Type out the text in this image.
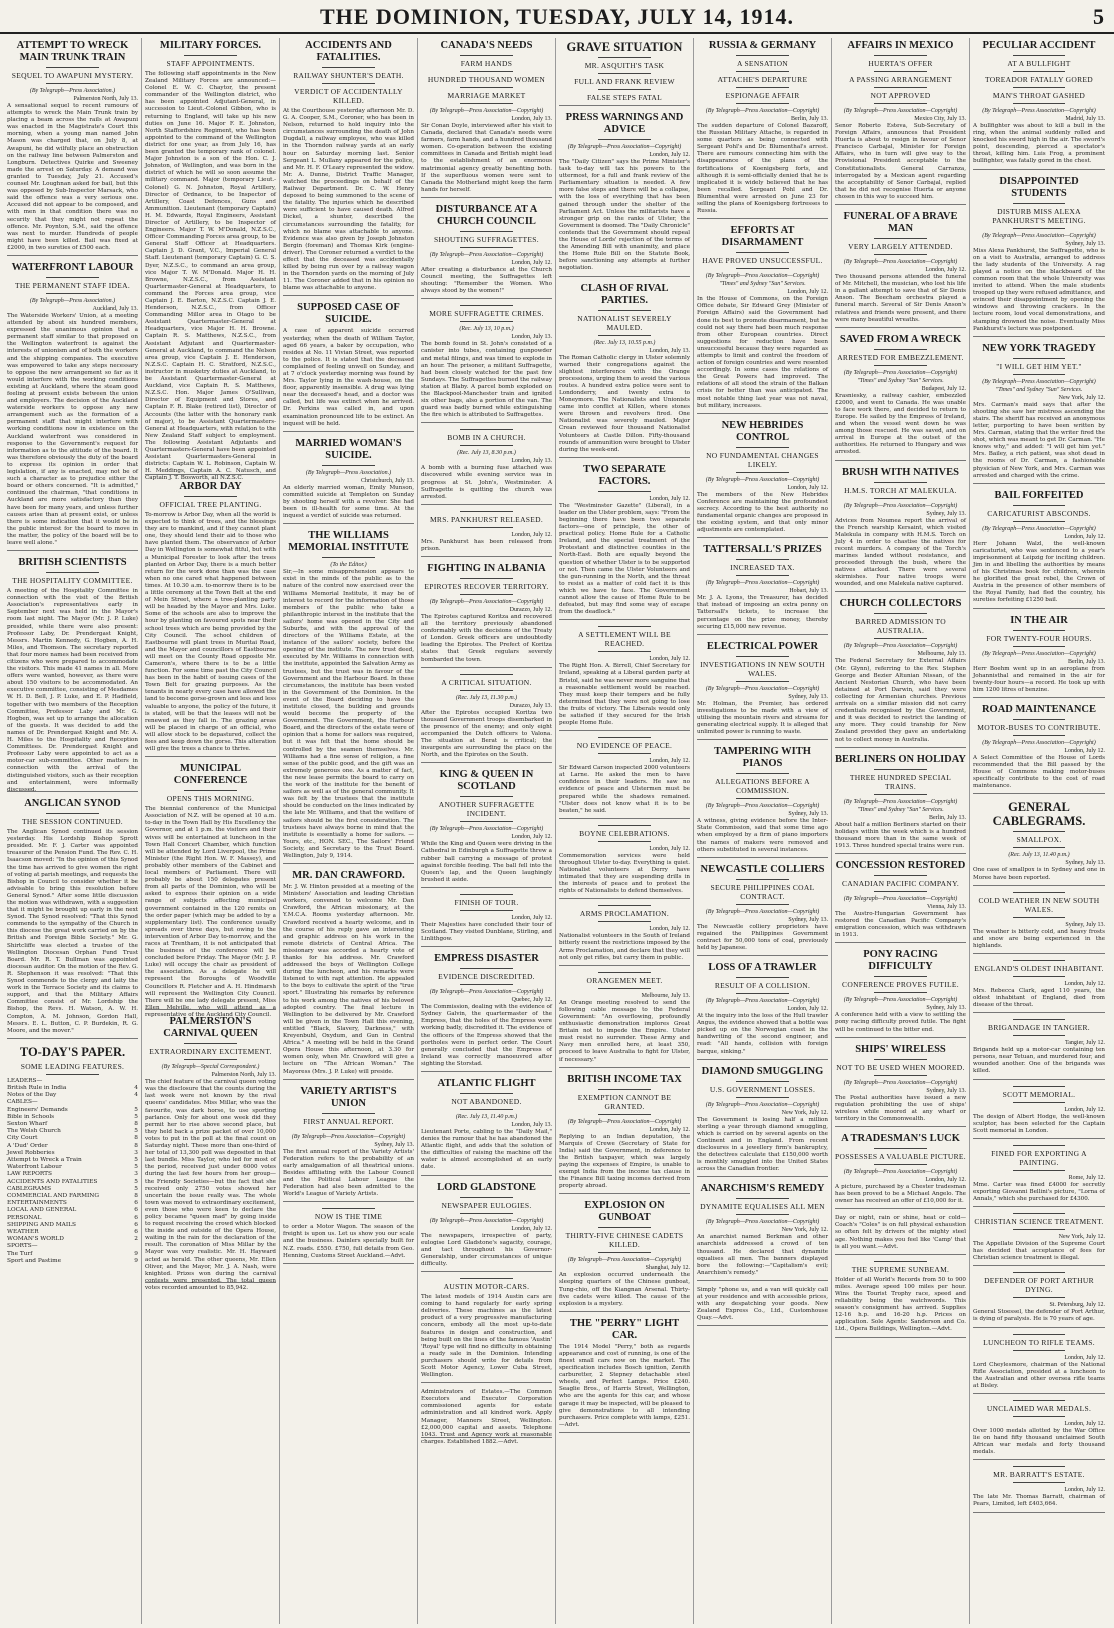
THE DOMINION, TUESDAY, JULY 14, 1914.	5
ATTEMPT TO WRECK MAIN TRUNK TRAIN
SEQUEL TO AWAPUNI MYSTERY.
(By Telegraph—Press Association.)
Palmerston North, July 13.

A sensational sequel to recent rumours of attempts to wreck the Main Trunk train by placing a beam across the rails at Awapuni was enacted in the Magistrate's Court this morning, when a young man named John Mason was charged that, on July 8, at Awapuni, he did wilfully place an obstruction on the railway line between Palmerston and Longburn. Detectives Quirke and Sweeney made the arrest on Saturday. A demand was granted to Tuesday, July 21. Accused's counsel Mr. Loughnan asked for bail, but this was opposed by Sub-Inspector Marsack, who said the offence was a very serious one. Accused did not appear to be composed, and with men in that condition there was no security that they might not repeat the offence. Mr. Poynton, S.M., said the offence was next to murder. Hundreds of people might have been killed. Bail was fixed at £2000, in two sureties of £500 each.

WATERFRONT LABOUR
THE PERMANENT STAFF IDEA.
(By Telegraph—Press Association.)
Auckland, July 13.

The Waterside Workers' Union, at a meeting attended by about six hundred members, expressed the unanimous opinion that a permanent staff similar to that proposed on the Wellington waterfront is against the interests of unionism and of both the workers and the shipping companies. The executive was empowered to take any steps necessary to oppose the new arrangement so far as it would interfere with the working conditions existing at Auckland, where the steam good feeling at present exists between the union and employers. The decision of the Auckland waterside workers to oppose any new arrangement such as the formation of a permanent staff that might interfere with working conditions now in existence on the Auckland waterfront was considered in response to the Government's request for information as to the attitude of the board. It was therefore obviously the duty of the board to express its opinion in order that legislation, if any is enacted, may not be of such a character as to prejudice either the board or others concerned. "It is admitted," continued the chairman, "that conditions in Auckland are more satisfactory than they have been for many years, and unless further causes arise than at present exist, or unless there is some indication that it would be in the public interest for the board to move in the matter, the policy of the board will be to leave well alone."

BRITISH SCIENTISTS
THE HOSPITALITY COMMITTEE.

A meeting of the Hospitality Committee in connection with the visit of the British Association's representatives early in September next was held in the Mayor's room last night. The Mayor (Mr. J. P. Luke) presided, while there were also present: Professor Laby, Dr. Prendergast Knight, Messrs. Martin Kennedy, G. Hogben, A. H. Miles, and Thomson. The secretary reported that four more names had been received from citizens who were prepared to accommodate the visitors. This made 41 names in all. More offers were wanted, however, as there were about 150 visitors to be accommodated. An executive committee, consisting of Mesdames W. H. D. Bell, J. P. Luke, and E. P. Hadfield, together with two members of the Reception Committee, Professor Laby and Mr. G. Hogben, was set up to arrange the allocation of the guests. It was decided to add the names of Dr. Prendergast Knight and Mr. A. H. Miles to the Hospitality and Reception Committees. Dr. Prendergast Knight and Professor Laby were appointed to act as a motor-car sub-committee. Other matters in connection with the arrival of the distinguished visitors, such as their reception and entertainment, were informally discussed.

ANGLICAN SYNOD
THE SESSION CONTINUED.

The Anglican Synod continued its session yesterday. His Lordship Bishop Sprott presided. Mr. F. J. Carter was appointed treasurer of the Pension Fund. The Rev. C. H. Isaacson moved: "In the opinion of this Synod the time has arrived to give women the right of voting at parish meetings, and requests the Bishop in Council to consider whether it be advisable to bring this resolution before General Synod." After some little discussion the motion was withdrawn, with a suggestion that it might be brought up early in the next Synod. The Synod resolved: "That this Synod commends to the sympathy of the Church in this diocese the great work carried on by the British and Foreign Bible Society." Mr. G. Shirtcliffe was elected a trustee of the Wellington Diocesan Orphan Fund Trust Board. Mr. R. T. Bullman was appointed diocesan auditor. On the motion of the Rev. G. R. Stephenson it was resolved: "That this Synod commends to the clergy and laity the work in the Terrace Society and its claims to support, and that the Military Affairs Committee consist of Mr. Lordship the Bishop, the Revs. H. Watson, A. W. H. Compton, A. M. Johnson, Gordon Hall, Messrs. E. L. Button, C. P. Burdekin, R. G. Moore, and the mover."

TO-DAY'S PAPER.
SOME LEADING FEATURES.
LEADERS—
British Rule in India	4
Notes of the Day	4
CABLES—
Engineers' Demands	5
Bible in Schools	5
Sexton Wharf	8
The Welsh Church	5
City Court	8
A 'Dud' Order	8
Jewel Robberies	3
Attempt to Wreck a Train	5
Waterfront Labour	5
LAW REPORTS	3
ACCIDENTS AND FATALITIES	5
CABLEGRAMS	5
COMMERCIAL AND FARMING	8
ENTERTAINMENTS	6
LOCAL AND GENERAL	6
PERSONAL	6
SHIPPING AND MAILS	6
WEATHER	6
WOMAN'S WORLD	2
SPORTS—
The Turf	9
Sport and Pastime	9
MILITARY FORCES.
STAFF APPOINTMENTS.

The following staff appointments in the New Zealand Military Forces are announced:— Colonel E. W. C. Chaytor, the present commander of the Wellington district, who has been appointed Adjutant-General, in succession to Lieut.-Colonel Gibbon, who is returning to England, will take up his new duties on June 16. Major F. E. Johnston, North Staffordshire Regiment, who has been appointed to the command of the Wellington district for one year, as from July 16, has been granted the temporary rank of colonel. Major Johnston is a son of the Hon. C. J. Johnston, of Wellington, and was born in the district of which he will so soon assume the military command. Major (temporary Lieut.-Colonel) G. N. Johnston, Royal Artillery, Director of Ordnance, to be Inspector of Artillery, Coast Defences, Guns and Ammunition. Lieutenant (temporary Captain) H. M. Edwards, Royal Engineers, Assistant Director of Artillery, to be Inspector of Engineers. Major T. W. M'Donald, N.Z.S.C., Officer Commanding Forces area group, to be General Staff Officer at Headquarters. Captain J. D. Grant, V.C., Imperial General Staff. Lieutenant (temporary Captain) G. C. S. Dyer, N.Z.S.C., to command an area group, vice Major T. W. M'Donald. Major H. H. Browne, N.Z.S.C., from Assistant Quartermaster-General at Headquarters, to command the Forces area group, vice Captain J. E. Barton, N.Z.S.C. Captain J. E. Henderson, N.Z.S.C., from Officer Commanding Millor area in Otago to be Assistant Quartermaster-General at Headquarters, vice Major H. H. Browne. Captain R. S. Matthews, N.Z.S.C., from Assistant Adjutant and Quartermaster-General at Auckland, to command the Nelson area group, vice Captain J. E. Henderson, N.Z.S.C. Captain H. C. Stratford, N.Z.S.C., instructor in musketry duties at Auckland, to be Assistant Quartermaster-General at Auckland, vice Captain R. S. Matthews, N.Z.S.C. Hon. Major James O'Sullivan, Director of Equipment and Stores, and Captain F. R. Blake (retired list), Director of Accounts (the latter with the honorary rank of major), to be Assistant Quartermasters-General at Headquarters, with relation to the New Zealand Staff subject to employment. The following Assistant Adjutants and Quartermasters-General have been appointed Assistant Quartermasters-General in districts: Captain W. L. Robinson, Captain W. H. Meddings, Captain A. C. Natusch, and Captain J. T. Bosworth, all N.Z.S.C.

ARBOR DAY
OFFICIAL TREE PLANTING.

To-morrow is Arbor Day, when all the world is expected to think of trees, and the blessings they are to mankind, and if they cannot plant one, they should lend their aid to those who have planted them. The observance of Arbor Day in Wellington is somewhat fitful, but with a Municipal Forester to look after the trees planted on Arbor Day, there is a much better return for the work done than was the case when no one cared what happened between times. At 10.30 a.m. to-morrow there is to be a little ceremony at the Town Belt at the end of Mein Street, where a tree-planting party will be headed by the Mayor and Mrs. Luke. Some of the schools are also to improve the hour by planting on favoured spots near their school trees which are being provided by the City Council. The school children of Eastbourne will plant trees in Muritai Road, and the Mayor and councillors of Eastbourne will meet on the County Road opposite Mr. Cameron's, where there is to be a little function. For some time past the City Council has been in the habit of issuing cases of the Town Belt for grazing purposes. As the tenants in nearly every case have allowed the land to become gorse-grown and less and less valuable to anyone, the policy of the future, it is stated, will be that the leases will not be renewed as they fall in. The grazing areas will be placed in charge of an official, who will allow stock to be depastured, collect the fees and keep down the gorse. This alteration will give the trees a chance to thrive.

MUNICIPAL CONFERENCE
OPENS THIS MORNING.

The biennial conference of the Municipal Association of N.Z. will be opened at 10 a.m. to-day in the Town Hall by His Excellency the Governor, and at 1 p.m. the visitors and their wives will be entertained at luncheon in the Town Hall Concert Chamber, which function will be attended by Lord Liverpool, the Prime Minister (the Right Hon. W. F. Massey), and probably other members of the Cabinet and local members of Parliament. There will probably be about 150 delegates present from all parts of the Dominion, who will be asked to express their opinion on a wide range of subjects affecting municipal government contained in the 120 remits on the order paper (which may be added to by a supplementary list). The conference usually spreads over three days, but owing to the intervention of Arbor Day to-morrow, and the races at Trentham, it is not anticipated that the business of the conference will be concluded before Friday. The Mayor (Mr. J. P. Luke) will occupy the chair as president of the association. As a delegate he will represent the Boroughs of Woodville Councillors R. Fletcher and A. H. Hindmarsh will represent the Wellington City Council. There will be one lady delegate present, Miss Ellen Melville, who will attend as a representative of the Auckland City Council.

PALMERSTON'S CARNIVAL QUEEN
EXTRAORDINARY EXCITEMENT.
(By Telegraph—Special Correspondent.)
Palmerston North, July 13.

The chief feature of the carnival queen voting was the disclosure that the counts during the last week were not known by the rival queens' candidates. Miss Millar, who was the favourite, was dark horse, to use sporting parlance. Only for about one week did they permit her to rise above second place, but they held back a prize packet of over 10,000 votes to put in the poll at the final count on Saturday night. These more than one-third of her total of 13,300 poll was deposited in that last bundle. Miss Taylor, who led for most of the period, received just under 6000 votes during the last few hours from her group—the Friendly Societies—but the fact that she received only 2750 votes showed her uncertain the issue really was. The whole town was moved to extraordinary excitement, even those who were keen to declare the policy became "queen mad" by going inside to request receiving the crowd which blocked the inside and outside of the Opera House, waiting in the rain for the declaration of the result. The coronation of Miss Millar by the Mayor was very realistic. Mr. H. Hayward acted as herald. The other queens, Mr. Ellen Oliver, and the Mayor, Mr. J. A. Nash, were knighted. Prizes won during the carnival contests were presented. The total queen votes recorded amounted to 85,942.

ACCIDENTS AND FATALITIES.
RAILWAY SHUNTER'S DEATH.
VERDICT OF ACCIDENTALLY KILLED.

At the Courthouse yesterday afternoon Mr. D. G. A. Cooper, S.M., Coroner, who has been in Nelson, returned to hold inquiry into the circumstances surrounding the death of John Dugdall, a railway employee, who was killed in the Thorndon railway yards at an early hour on Saturday morning last. Senior Sergeant L. Mullany appeared for the police, and Mr. H. F. O'Leary represented the widow. Mr. A. Dunne, District Traffic Manager, watched the proceedings on behalf of the Railway Department. Dr. C. W. Henry deposed to being summoned to the scene of the fatality. The injuries which he described were sufficient to have caused death. Alfred Dickel, a shunter, described the circumstances surrounding the fatality, for which no blame was attachable to anyone. Evidence was also given by Joseph Johnston Bergin (foreman) and Thomas Kirk (engine-driver). The Coroner returned a verdict to the effect that the deceased was accidentally killed by being run over by a railway wagon in the Thorndon yards on the morning of July 11. The Coroner added that in his opinion no blame was attachable to anyone.

SUPPOSED CASE OF SUICIDE.

A case of apparent suicide occurred yesterday, when the death of William Taylor, aged 66 years, a baker by occupation, who resides at No. 11 Vivian Street, was reported to the police. It is stated that the deceased complained of feeling unwell on Sunday, and at 7 o'clock yesterday morning was found by Mrs. Taylor lying in the wash-house, on the floor, apparently insensible. A drug was lying near the deceased's head, and a doctor was called, but life was extinct when he arrived. Dr. Perkins was called in, and upon examination pronounced life to be extinct. An inquest will be held.

MARRIED WOMAN'S SUICIDE.
(By Telegraph—Press Association.)
Christchurch, July 13.

An elderly married woman, Emily Munson, committed suicide at Templeton on Sunday by shooting herself with a revolver. She had been in ill-health for some time. At the inquest a verdict of suicide was returned.

THE WILLIAMS MEMORIAL INSTITUTE
(To the Editor.)

Sir,—In some misapprehension appears to exist in the minds of the public as to the nature of the control now exercised over the Williams Memorial Institute, it may be of interest to record for the information of those members of the public who take a philanthropic interest in the institute that the sailors' home was opened in the City and Suburbs, and with the approval of the directors of the Williams Estate, at the instance of the sailors' society, before the opening of the institute. The new trust deed, executed by Mr. Williams in connection with the institute, appointed the Salvation Army as trustees, but the trust was in favour of the Government and the Harbour Board. In these circumstances, the institute has been vested in the Government of the Dominion. In the event of the Board deciding to have the institute closed, the building and grounds would become the property of the Government. The Government, the Harbour Board, and the directors of the estate were of opinion that a home for sailors was required, but it was felt that the home should be controlled by the seamen themselves. Mr. Williams had a fine sense of religion, a fine sense of the public good, and the gift was an extremely generous one. As a matter of fact, the new lease permits the board to carry on the work of the institute for the benefit of sailors as well as of the general community. It was felt by the trustees that the institute should be conducted on the lines indicated by the late Mr. Williams, and that the welfare of sailors should be the first consideration. The trustees have always borne in mind that the institute is essentially a home for sailors. — Yours, etc., HON. SEC., The Sailors' Friend Society, and Secretary to the Trust Board. Wellington, July 9, 1914.

MR. DAN CRAWFORD.

Mr. J. W. Hinton presided at a meeting of the Ministers' Association and leading Christian workers, convened to welcome Mr. Dan Crawford, the African missionary, at the Y.M.C.A. Rooms yesterday afternoon. Mr. Crawford received a hearty welcome, and in the course of his reply gave an interesting and graphic address on his work in the remote districts of Central Africa. The missionary was accorded a hearty vote of thanks for his address. Mr. Crawford addressed the boys of Wellington College during the luncheon, and his remarks were listened to with rapt attention. He appealed to the boys to cultivate the spirit of the "true sport." Illustrating his remarks by reference to his work among the natives of his beloved adopted country. The final lecture in Wellington to be delivered by Mr. Crawford will be given in the Town Hall this evening, entitled "Black, Slavery, Darkness," with Kreyenbuhl, Oxydum, and Gun in Central Africa." A meeting will be held in the Grand Opera House this afternoon, at 3.30 for women only, when Mr. Crawford will give a lecture on "The African Woman." The Mayoress (Mrs. J. P. Luke) will preside.

VARIETY ARTIST'S UNION
FIRST ANNUAL REPORT.
(By Telegraph—Press Association—Copyright)
Sydney, July 13.

The first annual report of the Variety Artists' Federation refers to the probability of an early amalgamation of all theatrical unions. Besides affiliating with the Labour Council and the Political Labour League the Federation had also been admitted to the World's League of Variety Artists.

NOW IS THE TIME

to order a Motor Wagon. The season of the freight is upon us. Let us show you our scale and the business. Dainlers specially built for N.Z. roads. £550. £750, full details from Geo. Henning, Customs Street Auckland.—Advt.

CANADA'S NEEDS
FARM HANDS
HUNDRED THOUSAND WOMEN
MARRIAGE MARKET
(By Telegraph—Press Association—Copyright)
London, July 13.

Sir Conan Doyle, interviewed after his visit to Canada, declared that Canada's needs were farmers, farm hands, and a hundred thousand women. Co-operation between the existing committees in Canada and British might lead to the establishment of an enormous matrimonial agency greatly benefiting both. If the superfluous women were sent to Canada the Motherland might keep the farm hands for herself.

DISTURBANCE AT A CHURCH COUNCIL
SHOUTING SUFFRAGETTES.
(By Telegraph—Press Association—Copyright)
London, July 12.

After creating a disturbance at the Church Council meeting, the Suffragettes left shouting: "Remember the Women. Who always stood by the women!"

MORE SUFFRAGETTE CRIMES.
(Rec. July 13, 10 p.m.)
London, July 13.

The bomb found in St. John's consisted of a canister into tubes, containing gunpowder and metal filings, and was timed to explode in an hour. The prisoner, a militant Suffragette, had been closely watched for the past few Sundays. The Suffragettes burned the railway station at Blaby. A parcel bomb exploded on the Blackpool-Manchester train and ignited six other bags, also a portion of the van. The guard was badly burned while extinguishing the fire which is attributed to Suffragettes.

BOMB IN A CHURCH.
(Rec. July 13, 8.30 p.m.)
London, July 13.

A bomb with a burning fuse attached was discovered while evening service was in progress at St. John's, Westminster. A Suffragette is quitting the church was arrested.

MRS. PANKHURST RELEASED.
London, July 12.

Mrs. Pankhurst has been released from prison.

FIGHTING IN ALBANIA
EPIROTES RECOVER TERRITORY.
(By Telegraph—Press Association—Copyright)
Durazzo, July 12.

The Epirotes captured Koritza and recovered all the territory previously abandoned conformably with the decisions of the Treaty of London. Greek officers are undoubtedly leading the Epirotes. The Prefect of Koritza states that Greek regulars severely bombarded the town.

A CRITICAL SITUATION.
(Rec. July 13, 11.30 p.m.)
Durazzo, July 13.

After the Epirotes occupied Koritza two thousand Government troops disembarked in the presence of the enemy; and only eight accompanied the Dutch officers to Valona. The situation at Berat is critical; the insurgents are surrounding the place on the North, and the Epirotes on the South.

KING & QUEEN IN SCOTLAND
ANOTHER SUFFRAGETTE INCIDENT.
(By Telegraph—Press Association—Copyright)
London, July 12.

While the King and Queen were driving in the Cathedral in Edinburgh a Suffragette threw a rubber ball carrying a message of protest against forcible feeding. The ball fell into the Queen's lap, and the Queen laughingly brushed it aside.

FINISH OF TOUR.
London, July 12.

Their Majesties have concluded their tour of Scotland. They visited Dunblane, Stirling, and Linlithgow.

EMPRESS DISASTER
EVIDENCE DISCREDITED.
(By Telegraph—Press Association—Copyright)
Quebec, July 12.

The Commission, dealing with the evidence of Sydney Galvin, the quartermaster of the Empress, that the holes of the Empress were working badly, discredited it. The evidence of the officers of the Empress showed that the portholes were in perfect order. The Court generally concluded that the Empress of Ireland was correctly manoeuvred after sighting the Storstad.

ATLANTIC FLIGHT
NOT ABANDONED.
(Rec. July 13, 11.40 p.m.)
London, July 13.

Lieutenant Porte, cabling to the "Daily Mail," denies the rumour that he has abandoned the Atlantic flight, and adds that the solution of the difficulties of raising the machine off the water is almost accomplished at an early date.

LORD GLADSTONE
NEWSPAPER EULOGIES.
(By Telegraph—Press Association—Copyright)
London, July 12.

The newspapers, irrespective of party, eulogise Lord Gladstone's sagacity, courage, and tact throughout his Governor-Generalship, under circumstances of unique difficulty.

AUSTIN MOTOR-CARS.

The latest models of 1914 Austin cars are coming to hand regularly for early spring deliveries. These machines as the latest product of a very progressive manufacturing concern, embody all the most up-to-date features in design and construction, and being built on the lines of the famous 'Austin' 'Royal' type will find no difficulty in obtaining a ready sale in the Dominion. Intending purchasers should write for details from Scott Motor Agency, Lower Cuba Street, Wellington.

Administrators of Estates.—The Common Executors and Executor Corporation commissioned agents for estate administration and all kindred work. Apply Manager, Manners Street, Wellington. £2,000,000 capital and assets. Telephone 1043. Trust and Agency work at reasonable charges. Established 1882.—Advt.

GRAVE SITUATION
MR. ASQUITH'S TASK
FULL AND FRANK REVIEW
FALSE STEPS FATAL
PRESS WARNINGS AND ADVICE
(By Telegraph—Press Association—Copyright)
London, July 12.

The "Daily Citizen" says the Prime Minister's task to-day will tax his powers to the uttermost, for a full and frank review of the Parliamentary situation is needed. A few more false steps and there will be a collapse, with the loss of everything that has been gained through under the shelter of the Parliament Act. Unless the militarists have a stronger grip on the ranks of Ulster, the Government is doomed. The "Daily Chronicle" contends that the Government should repeal the House of Lords' rejection of the terms of the Amending Bill with unanimity, and place the Home Rule Bill on the Statute Book, before sanctioning any attempts at further negotiation.

CLASH OF RIVAL PARTIES.
NATIONALIST SEVERELY MAULED.
(Rec. July 13, 10.55 p.m.)
London, July 13.

The Roman Catholic clergy in Ulster solemnly warned their congregations against the slightest interference with the Orange processions, urging them to avoid the various routes. A hundred extra police were sent to Londonderry, and twenty extra to Moneymore. The Nationalists and Unionists came into conflict at Killen, where stones were thrown and revolvers fired. One Nationalist was severely mauled. Major Crean reviewed four thousand Nationalist Volunteers at Castle Dillon. Fifty-thousand rounds of ammunition were brought to Ulster during the week-end.

TWO SEPARATE FACTORS.
London, July 12.

The "Westminster Gazette" (Liberal), in a leader on the Ulster problem, says: "From the beginning there have been two separate factors—one of principle, the other of practical policy. Home Rule for a Catholic Ireland, and the special treatment of the Protestant and distinctive counties in the North-East. Both are equally beyond the question of whether Ulster is to be supported or not. Then came the Ulster Volunteers and the gun-running in the North, and the threat to resist as a matter of cold fact it is this which we have to face. The Government cannot allow the cause of Home Rule to be defeated, but may find some way of escape from the deadlock."

A SETTLEMENT WILL BE REACHED.
London, July 12.

The Right Hon. A. Birrell, Chief Secretary for Ireland, speaking at a Liberal garden party at Bristol, said he was never more sanguine that a reasonable settlement would be reached. They must keep their tempers and be fully determined that they were not going to lose the fruits of victory. The Liberals would only be satisfied if they secured for the Irish people Home Rule.

NO EVIDENCE OF PEACE.
London, July 12.

Sir Edward Carson inspected 2000 volunteers at Larne. He asked the men to have confidence in their leaders. He saw no evidence of peace and Ulstermen must be prepared while the shadows remained. "Ulster does not know what it is to be beaten," he said.

BOYNE CELEBRATIONS.
London, July 12.

Commemoration services were held throughout Ulster to-day. Everything is quiet. Nationalist volunteers at Derry have intimated that they are suspending drills in the interests of peace and to protest the rights of Nationalists to defend themselves.

ARMS PROCLAMATION.
London, July 12.

Nationalist volunteers in the South of Ireland bitterly resent the restrictions imposed by the Arms Proclamation, and declare that they will not only get rifles, but carry them in public.

ORANGEMEN MEET.
Melbourne, July 13.

An Orange meeting resolved to send the following cable message to the Federal Government: "An overflowing, profoundly enthusiastic demonstration implores Great Britain not to impede the Empire. Ulster must resist no surrender. These Army and Navy men enrolled here, at least 350, proceed to leave Australia to fight for Ulster, if necessary."

BRITISH INCOME TAX
EXEMPTION CANNOT BE GRANTED.
(By Telegraph—Press Association—Copyright)
London, July 12.

Replying to an Indian deputation, the Marquis of Crewe (Secretary of State for India) said the Government, in deference to the British taxpayer, which was largely paying the expenses of Empire, is unable to exempt India from the income tax clause in the Finance Bill taxing incomes derived from property abroad.

EXPLOSION ON GUNBOAT
THIRTY-FIVE CHINESE CADETS KILLED.
(By Telegraph—Press Association—Copyright)
Shanghai, July 12.

An explosion occurred underneath the sleeping quarters of the Chinese gunboat, Tung-chio, off the Kiangnan Arsenal. Thirty-five cadets were killed. The cause of the explosion is a mystery.

THE "PERRY" LIGHT CAR.

The 1914 Model "Perry," both as regards appearance and cost of running, is one of the finest small cars now on the market. The specification includes Bosch ignition, Zenith carburetter, 2 Stepney detachable steel wheels, and Perfect Lamps. Price £240. Seaglie Bros., of Harris Street, Wellington, who are the agents for this car, and whose garage it may be inspected, will be pleased to give demonstrations to all intending purchasers. Price complete with lamps, £251.—Advt.

RUSSIA & GERMANY
A SENSATION
ATTACHE'S DEPARTURE
ESPIONAGE AFFAIR
(By Telegraph—Press Association—Copyright)
Berlin, July 13.

The sudden departure of Colonel Bazaroff, the Russian Military Attache, is regarded in some quarters as being connected with Sergeant Pohl's and Dr. Blumenthal's arrest. There are rumours connecting him with the disappearance of the plans of the fortifications of Koenigsberg forts, and although it is semi-officially denied that he is implicated it is widely believed that he has been recalled. Sergeant Pohl and Dr. Blumenthal were arrested on June 23 for selling the plans of Koenigsberg fortresses to Russia.

EFFORTS AT DISARMAMENT
HAVE PROVED UNSUCCESSFUL.
(By Telegraph—Press Association—Copyright) "Times" and Sydney "Sun" Services.
London, July 12.

In the House of Commons, on the Foreign Office debate, Sir Edward Grey (Minister of Foreign Affairs) said the Government had done its best to promote disarmament, but he could not say there had been much response from other European countries. Direct suggestions for reduction have been unsuccessful because they were regarded as attempts to limit and control the freedom of action of foreign countries and were resented accordingly. In some cases the relations of the Great Powers had improved. The relations of all stood the strain of the Balkan crisis for better than was anticipated. The most notable thing last year was not naval, but military, increases.

NEW HEBRIDES CONTROL
NO FUNDAMENTAL CHANGES LIKELY.
(By Telegraph—Press Association—Copyright)
London, July 12.

The members of the New Hebrides Conference are maintaining the profoundest secrecy. According to the best authority no fundamental organic changes are proposed in the existing system, and that only minor adjustments are contemplated.

TATTERSALL'S PRIZES
INCREASED TAX.
(By Telegraph—Press Association—Copyright)
Hobart, July 13.

Mr. J. A. Lyons, the Treasurer, has decided that instead of imposing an extra penny on Tattersall's tickets, to increase the percentage on the prize money, thereby securing £15,000 new revenue.

ELECTRICAL POWER
INVESTIGATIONS IN NEW SOUTH WALES.
(By Telegraph—Press Association—Copyright)
Sydney, July 13.

Mr. Holman, the Premier, has ordered investigations to be made with a view of utilising the mountain rivers and streams for generating electrical supply. It is alleged that unlimited power is running to waste.

TAMPERING WITH PIANOS
ALLEGATIONS BEFORE A COMMISSION.
(By Telegraph—Press Association—Copyright)
Sydney, July 13.

A witness, giving evidence before the Inter-State Commission, said that some time ago when employed by a firm of piano importers the names of makers were removed and others substituted in several instances.

NEWCASTLE COLLIERS
SECURE PHILIPPINES COAL CONTRACT.
(By Telegraph—Press Association—Copyright)
Sydney, July 13.

The Newcastle colliery proprietors have regained the Philippines Government contract for 50,000 tons of coal, previously held by Japanese.

LOSS OF A TRAWLER
RESULT OF A COLLISION.
(By Telegraph—Press Association—Copyright)
London, July 12.

At the inquiry into the loss of the Hull trawler Angus, the evidence showed that a bottle was picked up on the Norwegian coast in the handwriting of the second engineer, and read: "All hands, collision with foreign barque, sinking."

DIAMOND SMUGGLING
U.S. GOVERNMENT LOSSES.
(By Telegraph—Press Association—Copyright)
New York, July 12.

The Government is losing half a million sterling a year through diamond smuggling, which is carried on by several agents on the Continent and in England. From recent disclosures in a jewellery firm's bankruptcy, the detectives calculate that £150,000 worth is monthly smuggled into the United States across the Canadian frontier.

ANARCHISM'S REMEDY
DYNAMITE EQUALISES ALL MEN
(By Telegraph—Press Association—Copyright)
New York, July 12.

An anarchist named Berkman and other anarchists addressed a crowd of ten thousand. He declared that dynamite equalises all men. The banners displayed bore the following:—"Capitalism's evil; Anarchism's remedy."

Simply "phone us, and a van will quickly call at your residence and with accessible prices, with any despatching your goods. New Zealand Express Co., Ltd., Customhouse Quay.—Advt.

AFFAIRS IN MEXICO
HUERTA'S OFFER
A PASSING ARRANGEMENT
NOT APPROVED
(By Telegraph—Press Association—Copyright)
Mexico City, July 13.

Senor Roberto Esteva, Sub-Secretary of Foreign Affairs, announces that President Huerta is about to resign in favour of Senor Francisco Carbajal, Minister for Foreign Affairs, who in turn will give way to the Provisional President acceptable to the Constitutionalists. General Carranza, interrogated by a Mexican agent regarding the acceptability of Senor Carbajal, replied that he did not recognise Huerta or anyone chosen in this way to succeed him.

FUNERAL OF A BRAVE MAN
VERY LARGELY ATTENDED.
(By Telegraph—Press Association—Copyright)
London, July 12.

Two thousand persons attended the funeral of Mr. Mitchell, the musician, who lost his life in a gallant attempt to save that of Sir Denis Anson. The Beecham orchestra played a funeral march. Several of Sir Denis Anson's relatives and friends were present, and there were many beautiful wreaths.

SAVED FROM A WRECK
ARRESTED FOR EMBEZZLEMENT.
(By Telegraph—Press Association—Copyright) "Times" and Sydney "Sun" Services.
Budapest, July 12.

Krasniesky, a railway cashier, embezzled £2000, and went to Canada. He was unable to face work there, and decided to return to Europe. He sailed by the Empress of Ireland, and when the vessel went down he was among those rescued. He was saved, and on arrival in Europe at the outset of the authorities. He returned to Hungary and was arrested.

BRUSH WITH NATIVES
H.M.S. TORCH AT MALEKULA.
(By Telegraph—Press Association—Copyright)
Sydney, July 13.

Advices from Noumea report the arrival of the French warship Kersaint, which visited Malekula in company with H.M.S. Torch on July 4 in order to chastise the natives for recent murders. A company of the Torch's marines landed without resistance, and proceeded through the bush, where the natives attacked. There were several skirmishes. Four native troops were wounded, and one Malekula native captured.

CHURCH COLLECTORS
BARRED ADMISSION TO AUSTRALIA.
(By Telegraph—Press Association—Copyright)
Melbourne, July 13.

The Federal Secretary for External Affairs (Mr. Glynn), referring to the Rev. Stephen George and Bezier Altunian Nissan, of the Ancient Nestorian Church, who have been detained at Port Darwin, said they were collecting for Armenian churches. Previous arrivals on a similar mission did not carry credentials recognised by the Government, and it was decided to restrict the landing of any more. They could tranship for New Zealand provided they gave an undertaking not to collect money in Australia.

BERLINERS ON HOLIDAY
THREE HUNDRED SPECIAL TRAINS.
(By Telegraph—Press Association—Copyright) "Times" and Sydney "Sun" Services.
Berlin, July 13.

About half a million Berliners started on their holidays within the week which is a hundred thousand more than in the same week of 1913. Three hundred special trains were run.

CONCESSION RESTORED
CANADIAN PACIFIC COMPANY.
(By Telegraph—Press Association—Copyright)
Vienna, July 13.

The Austro-Hungarian Government has restored the Canadian Pacific Company's emigration concession, which was withdrawn in 1913.

PONY RACING DIFFICULTY
CONFERENCE PROVES FUTILE.
(By Telegraph—Press Association—Copyright)
Sydney, July 13.

A conference held with a view to settling the pony racing difficulty proved futile. The fight will be continued to the bitter end.

SHIPS' WIRELESS
NOT TO BE USED WHEN MOORED.
(By Telegraph—Press Association—Copyright)
Sydney, July 13.

The Postal authorities have issued a new regulation prohibiting the use of ships' wireless while moored at any wharf or territory in the Commonwealth.

A TRADESMAN'S LUCK
POSSESSES A VALUABLE PICTURE.
(By Telegraph—Press Association—Copyright)
London, July 12.

A picture, purchased by a Chester tradesman has been proved to be a Michael Angelo. The owner has received an offer of £10,000 for it.

Day or night, rain or shine, heat or cold—Coach's "Coles" is on full physical exhaustion so often felt by drivers of the mighty steel age. Nothing makes you feel like 'Camp' that is all you want.—Advt.

THE SUPREME SUNBEAM.

Holder of all World's Records from 50 to 900 miles. Average speed 100 miles per hour. Wins the Tourist Trophy race, speed and reliability being the watchwords. This season's consignment has arrived. Supplies 12-16 h.p. and 16-20 h.p. Prices on application. Sole Agents: Sanderson and Co. Ltd., Opera Buildings, Wellington.—Advt.

PECULIAR ACCIDENT
AT A BULLFIGHT
TOREADOR FATALLY GORED
MAN'S THROAT GASHED
(By Telegraph—Press Association—Copyright)
Madrid, July 13.

A bullfighter was about to kill a bull in the ring, when the animal suddenly rolled and knocked his sword high in the air. The sword's point, descending, pierced a spectator's throat, killing him. Luis Frog, a prominent bullfighter, was fatally gored in the chest.

DISAPPOINTED STUDENTS
DISTURB MISS ALEXA PANKHURST'S MEETING.
(By Telegraph—Press Association—Copyright)
Sydney, July 13.

Miss Alexa Pankhurst, the Suffragette, who is on a visit to Australia, arranged to address the lady students of the University. A rag played a notice on the blackboard of the common room that the whole University was invited to attend. When the male students trooped up they were refused admittance, and evinced their disappointment by opening the windows and throwing crackers. In the lecture room, loud vocal demonstrations, and stamping drowned the noise. Eventually Miss Pankhurst's lecture was postponed.

NEW YORK TRAGEDY
"I WILL GET HIM YET."
(By Telegraph—Press Association—Copyright) "Times" and Sydney "Sun" Services.
New York, July 12.

Mrs. Carman's maid says that after the shooting she saw her mistress ascending the stairs. The sheriff has received an anonymous letter, purporting to have been written by Mrs. Carman, stating that the writer fired the shot, which was meant to get Dr. Carman. "He knows why," and added: "I will get him yet." Mrs. Bailey, a rich patient, was shot dead in the rooms of Dr. Carman, a fashionable physician of New York, and Mrs. Carman was arrested and charged with the crime.

BAIL FORFEITED
CARICATURIST ABSCONDS.
(By Telegraph—Press Association—Copyright)
London, July 12.

Herr Johann Walzl, the well-known caricaturist, who was sentenced to a year's imprisonment at Leipzig for inciting children. Jim in and libelling the authorities by means of his Christmas book for children, wherein he glorified the great rebel, the Crown of Austria in the presence of other members of the Royal Family, had fled the country, his sureties forfeiting £1250 bail.

IN THE AIR
FOR TWENTY-FOUR HOURS.
(By Telegraph—Press Association—Copyright)
Berlin, July 13.

Herr Boehm went up in an aeroplane from Johannisthal and remained in the air for twenty-four hours—a record. He took up with him 1200 litres of benzine.

ROAD MAINTENANCE
MOTOR-BUSES TO CONTRIBUTE.
(By Telegraph—Press Association—Copyright)
London, July 12.

A Select Committee of the House of Lords recommended that the Bill passed by the House of Commons making motor-buses specifically contribute to the cost of road maintenance.

GENERAL CABLEGRAMS.
SMALLPOX.
(Rec. July 13, 11.40 p.m.)
Sydney, July 13.

One case of smallpox is in Sydney and one in Moree have been reported.

COLD WEATHER IN NEW SOUTH WALES.
Sydney, July 13.

The weather is bitterly cold, and heavy frosts and snow are being experienced in the highlands.

ENGLAND'S OLDEST INHABITANT.
London, July 12.

Mrs. Rebecca Clark, aged 110 years, the oldest inhabitant of England, died from disease of the throat.

BRIGANDAGE IN TANGIER.
Tangier, July 12.

Brigands held up a motor-car containing ten persons, near Tetuan, and murdered four, and wounded another. One of the brigands was killed.

SCOTT MEMORIAL.
London, July 12.

The design of Albert Hodge, the well-known sculptor, has been selected for the Captain Scott memorial in London.

FINED FOR EXPORTING A PAINTING.
Rome, July 12.

Mme. Carter was fined £4000 for secretly exporting Giovanni Bellini's picture, "Lorna of Annals," which she purchased for £4300.

CHRISTIAN SCIENCE TREATMENT.
New York, July 12.

The Appellate Division of the Supreme Court has decided that acceptance of fees for Christian science treatment is illegal.

DEFENDER OF PORT ARTHUR DYING.
St. Petersburg, July 12.

General Stoessel, the defender of Port Arthur, is dying of paralysis. He is 70 years of age.

LUNCHEON TO RIFLE TEAMS.
London, July 12.

Lord Cheylesmore, chairman of the National Rifle Association, presided at a luncheon to the Australian and other oversea rifle teams at Bisley.

UNCLAIMED WAR MEDALS.
London, July 12.

Over 1000 medals allotted by the War Office lie on hand fifty thousand unclaimed South African war medals and forty thousand medals.

MR. BARRATT'S ESTATE.
London, July 12.

The late Mr. Thomas Barratt, chairman of Pears, Limited, left £403,664.
